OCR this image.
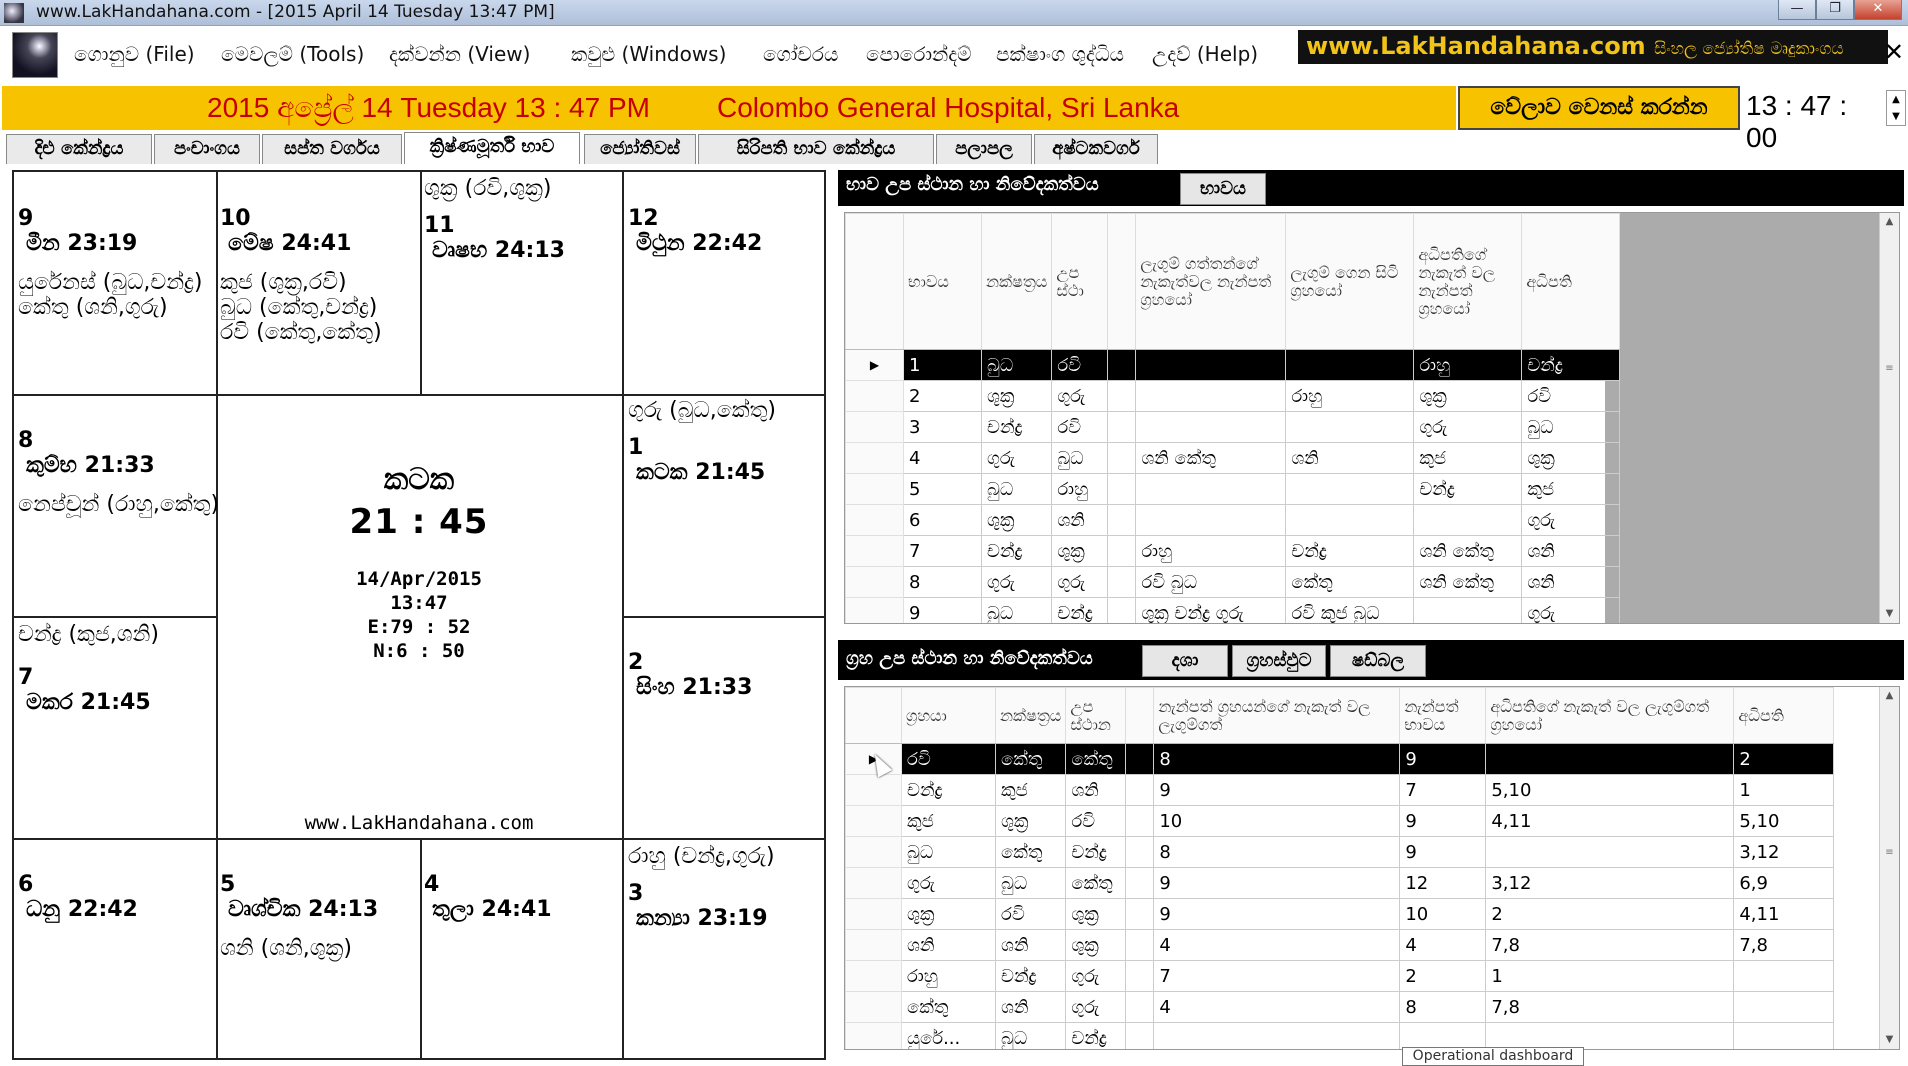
www.LakHandahana.com - [2015 April 14 Tuesday 13:47 PM]	—	❐	✕
ගොනුව (File) මෙවලම් (Tools) දක්වන්න (View) කවුළු (Windows) ගෝචරය පොරොන්දම් පක්ෂාංග ශුද්ධිය උදව් (Help)	www.LakHandahana.com සිංහල ජ්‍යෝතිෂ මෘදුකාංගය	✕
2015 අප්‍රේල් 14 Tuesday 13 : 47 PM Colombo General Hospital, Sri Lanka	වේලාව වෙනස් කරන්න	13 : 47 : 00
▲
▼
දිළු කේන්ද්‍රය	පංචාංගය	සප්ත වර්ගය	ක්‍රිෂ්ණමූර්ති භාව	ජ්‍යෝතිවස්	සිරිපති භාව කේන්ද්‍රය	පලාපල	අෂ්ටකවර්ග
9
මීන 23:19
යුරේනස් (බුධ,චන්ද්‍ර)
කේතු (ශනි,ගුරු)
10
මේෂ 24:41
කුජ (ශුක්‍ර,රවි)
බුධ (කේතු,චන්ද්‍ර)
රවි (කේතු,කේතු)
ශුක්‍ර (රවි,ශුක්‍ර)
11
වෘෂභ 24:13
12
මිථුන 22:42
8
කුම්භ 21:33
නෙප්චූන් (රාහු,කේතු)
ගුරු (බුධ,කේතු)
1
කටක 21:45
චන්ද්‍ර (කුජ,ශනි)
7
මකර 21:45
2
සිංහ 21:33
කටක
21 : 45
14/Apr/2015
13:47
E:79 : 52
N:6 : 50
www.LakHandahana.com
6
ධනු 22:42
5
වෘශ්චික 24:13
ශනි (ශනි,ශුක්‍ර)
4
තුලා 24:41
රාහු (චන්ද්‍ර,ගුරු)
3
කන්‍යා 23:19
භාව උප ස්ථාන හා නිවේදකත්වය	භාවය
	භාවය	නක්ෂත්‍රය	උප ස්ථා		ලැගුම් ගත්තන්ගේ නැකැත්වල නැන්පත් ග්‍රහයෝ	ලැගුම් ගෙන සිටි ග්‍රහයෝ	අධිපතිගේ නැකැත් වල නැන්පත් ග්‍රහයෝ	අධිපති
▶	1	බුධ	රවි				රාහු	චන්ද්‍ර
	2	ශුක්‍ර	ගුරු			රාහු	ශුක්‍ර	රවි
	3	චන්ද්‍ර	රවි				ගුරු	බුධ
	4	ගුරු	බුධ		ශනි කේතු	ශනි	කුජ	ශුක්‍ර
	5	බුධ	රාහු				චන්ද්‍ර	කුජ
	6	ශුක්‍ර	ශනි					ගුරු
	7	චන්ද්‍ර	ශුක්‍ර		රාහු	චන්ද්‍ර	ශනි කේතු	ශනි
	8	ගුරු	ගුරු		රවි බුධ	කේතු	ශනි කේතු	ශනි
	9	බුධ	චන්ද්‍ර		ශුක්‍ර චන්ද්‍ර ගුරු	රවි කුජ බුධ		ගුරු
▲
≡
▼
ග්‍රහ උප ස්ථාන හා නිවේදකත්වය	දශා	ග්‍රහස්ඵුට	ෂඩ්බල
	ග්‍රහයා	නක්ෂත්‍රය	උප ස්ථාන		නැන්පත් ග්‍රහයන්ගේ නැකැත් වල ලැගුම්ගත්	නැන්පත් භාවය	අධිපතිගේ නැකැත් වල ලැගුම්ගත් ග්‍රහයෝ	අධිපති
▶	රවි	කේතු	කේතු		8	9		2
	චන්ද්‍ර	කුජ	ශනි		9	7	5,10	1
	කුජ	ශුක්‍ර	රවි		10	9	4,11	5,10
	බුධ	කේතු	චන්ද්‍ර		8	9		3,12
	ගුරු	බුධ	කේතු		9	12	3,12	6,9
	ශුක්‍ර	රවි	ශුක්‍ර		9	10	2	4,11
	ශනි	ශනි	ශුක්‍ර		4	4	7,8	7,8
	රාහු	චන්ද්‍ර	ගුරු		7	2	1	
	කේතු	ශනි	ගුරු		4	8	7,8	
	යුරේ...	බුධ	චන්ද්‍ර					
▲
≡
▼
Operational dashboard
